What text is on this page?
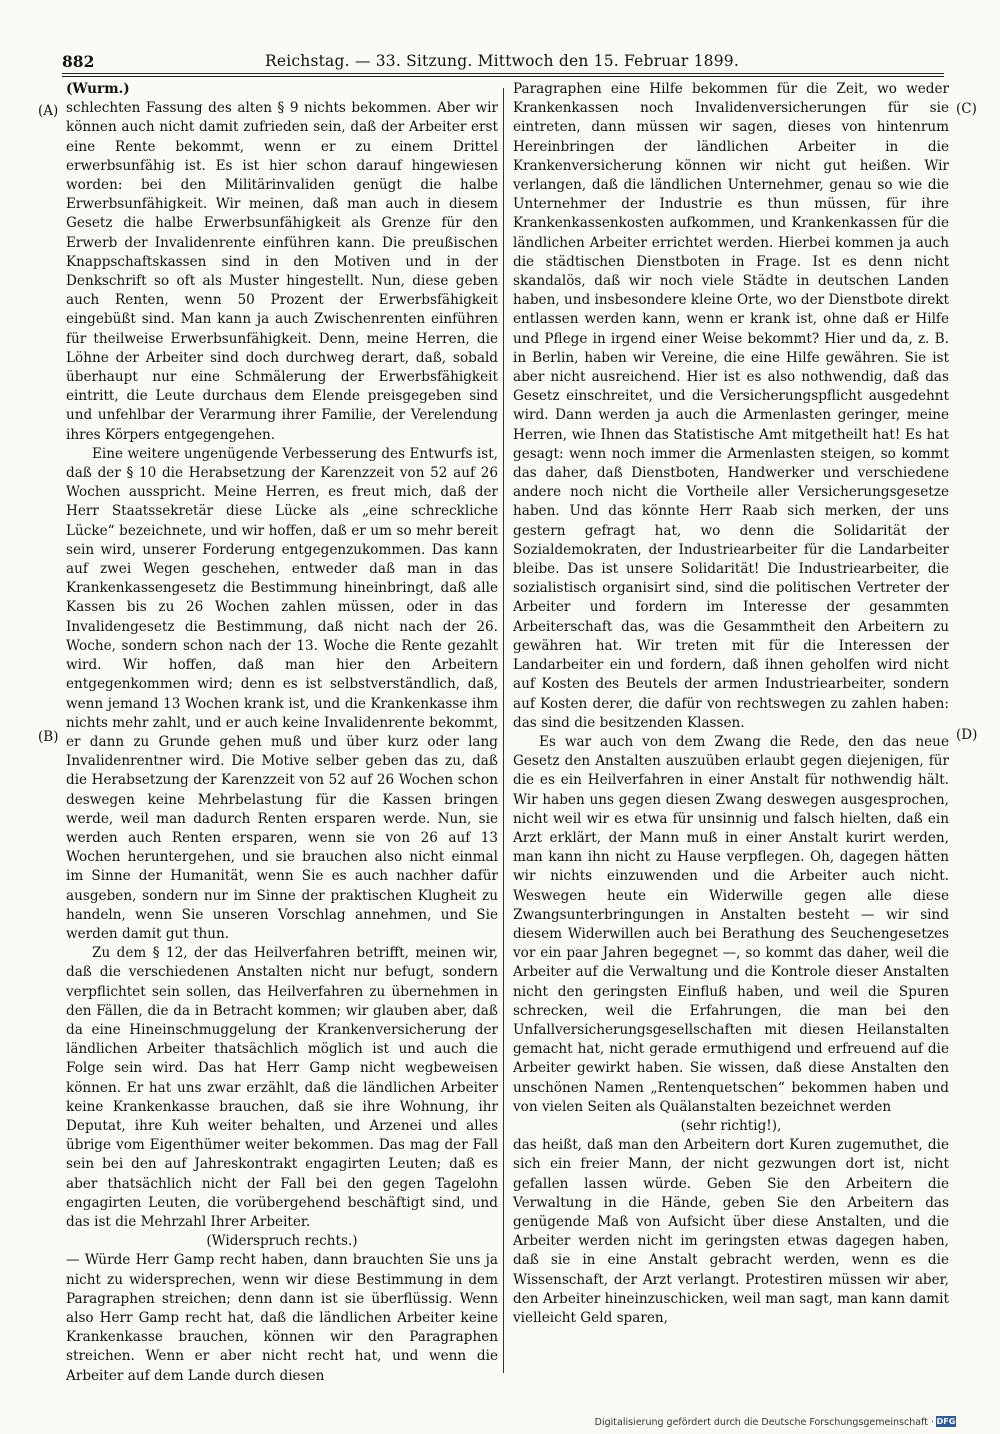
882	Reichstag. — 33. Sitzung. Mittwoch den 15. Februar 1899.
(A)
(B)
(C)
(D)

(Wurm.)

schlechten Fassung des alten § 9 nichts bekommen. Aber wir können auch nicht damit zufrieden sein, daß der Arbeiter erst eine Rente bekommt, wenn er zu einem Drittel erwerbsunfähig ist. Es ist hier schon darauf hingewiesen worden: bei den Militärinvaliden genügt die halbe Erwerbsunfähigkeit. Wir meinen, daß man auch in diesem Gesetz die halbe Erwerbsunfähigkeit als Grenze für den Erwerb der Invalidenrente einführen kann. Die preußischen Knappschaftskassen sind in den Motiven und in der Denkschrift so oft als Muster hingestellt. Nun, diese geben auch Renten, wenn 50 Prozent der Erwerbsfähigkeit eingebüßt sind. Man kann ja auch Zwischenrenten einführen für theilweise Erwerbsunfähigkeit. Denn, meine Herren, die Löhne der Arbeiter sind doch durchweg derart, daß, sobald überhaupt nur eine Schmälerung der Erwerbsfähigkeit eintritt, die Leute durchaus dem Elende preisgegeben sind und unfehlbar der Verarmung ihrer Familie, der Verelendung ihres Körpers entgegengehen.

Eine weitere ungenügende Verbesserung des Entwurfs ist, daß der § 10 die Herabsetzung der Karenzzeit von 52 auf 26 Wochen ausspricht. Meine Herren, es freut mich, daß der Herr Staatssekretär diese Lücke als „eine schreckliche Lücke“ bezeichnete, und wir hoffen, daß er um so mehr bereit sein wird, unserer Forderung entgegenzukommen. Das kann auf zwei Wegen geschehen, entweder daß man in das Krankenkassengesetz die Bestimmung hineinbringt, daß alle Kassen bis zu 26 Wochen zahlen müssen, oder in das Invalidengesetz die Bestimmung, daß nicht nach der 26. Woche, sondern schon nach der 13. Woche die Rente gezahlt wird. Wir hoffen, daß man hier den Arbeitern entgegenkommen wird; denn es ist selbstverständlich, daß, wenn jemand 13 Wochen krank ist, und die Krankenkasse ihm nichts mehr zahlt, und er auch keine Invalidenrente bekommt, er dann zu Grunde gehen muß und über kurz oder lang Invalidenrentner wird. Die Motive selber geben das zu, daß die Herabsetzung der Karenzzeit von 52 auf 26 Wochen schon deswegen keine Mehrbelastung für die Kassen bringen werde, weil man dadurch Renten ersparen werde. Nun, sie werden auch Renten ersparen, wenn sie von 26 auf 13 Wochen heruntergehen, und sie brauchen also nicht einmal im Sinne der Humanität, wenn Sie es auch nachher dafür ausgeben, sondern nur im Sinne der praktischen Klugheit zu handeln, wenn Sie unseren Vorschlag annehmen, und Sie werden damit gut thun.

Zu dem § 12, der das Heilverfahren betrifft, meinen wir, daß die verschiedenen Anstalten nicht nur befugt, sondern verpflichtet sein sollen, das Heilverfahren zu übernehmen in den Fällen, die da in Betracht kommen; wir glauben aber, daß da eine Hineinschmuggelung der Krankenversicherung der ländlichen Arbeiter thatsächlich möglich ist und auch die Folge sein wird. Das hat Herr Gamp nicht wegbeweisen können. Er hat uns zwar erzählt, daß die ländlichen Arbeiter keine Krankenkasse brauchen, daß sie ihre Wohnung, ihr Deputat, ihre Kuh weiter behalten, und Arzenei und alles übrige vom Eigenthümer weiter bekommen. Das mag der Fall sein bei den auf Jahreskontrakt engagirten Leuten; daß es aber thatsächlich nicht der Fall bei den gegen Tagelohn engagirten Leuten, die vorübergehend beschäftigt sind, und das ist die Mehrzahl Ihrer Arbeiter.

(Widerspruch rechts.)

— Würde Herr Gamp recht haben, dann brauchten Sie uns ja nicht zu widersprechen, wenn wir diese Bestimmung in dem Paragraphen streichen; denn dann ist sie überflüssig. Wenn also Herr Gamp recht hat, daß die ländlichen Arbeiter keine Krankenkasse brauchen, können wir den Paragraphen streichen. Wenn er aber nicht recht hat, und wenn die Arbeiter auf dem Lande durch diesen

Paragraphen eine Hilfe bekommen für die Zeit, wo weder Krankenkassen noch Invalidenversicherungen für sie eintreten, dann müssen wir sagen, dieses von hintenrum Hereinbringen der ländlichen Arbeiter in die Krankenversicherung können wir nicht gut heißen. Wir verlangen, daß die ländlichen Unternehmer, genau so wie die Unternehmer der Industrie es thun müssen, für ihre Krankenkassenkosten aufkommen, und Krankenkassen für die ländlichen Arbeiter errichtet werden. Hierbei kommen ja auch die städtischen Dienstboten in Frage. Ist es denn nicht skandalös, daß wir noch viele Städte in deutschen Landen haben, und insbesondere kleine Orte, wo der Dienstbote direkt entlassen werden kann, wenn er krank ist, ohne daß er Hilfe und Pflege in irgend einer Weise bekommt? Hier und da, z. B. in Berlin, haben wir Vereine, die eine Hilfe gewähren. Sie ist aber nicht ausreichend. Hier ist es also nothwendig, daß das Gesetz einschreitet, und die Versicherungspflicht ausgedehnt wird. Dann werden ja auch die Armenlasten geringer, meine Herren, wie Ihnen das Statistische Amt mitgetheilt hat! Es hat gesagt: wenn noch immer die Armenlasten steigen, so kommt das daher, daß Dienstboten, Handwerker und verschiedene andere noch nicht die Vortheile aller Versicherungsgesetze haben. Und das könnte Herr Raab sich merken, der uns gestern gefragt hat, wo denn die Solidarität der Sozialdemokraten, der Industriearbeiter für die Landarbeiter bleibe. Das ist unsere Solidarität! Die Industriearbeiter, die sozialistisch organisirt sind, sind die politischen Vertreter der Arbeiter und fordern im Interesse der gesammten Arbeiterschaft das, was die Gesammtheit den Arbeitern zu gewähren hat. Wir treten mit für die Interessen der Landarbeiter ein und fordern, daß ihnen geholfen wird nicht auf Kosten des Beutels der armen Industriearbeiter, sondern auf Kosten derer, die dafür von rechtswegen zu zahlen haben: das sind die besitzenden Klassen.

Es war auch von dem Zwang die Rede, den das neue Gesetz den Anstalten auszuüben erlaubt gegen diejenigen, für die es ein Heilverfahren in einer Anstalt für nothwendig hält. Wir haben uns gegen diesen Zwang deswegen ausgesprochen, nicht weil wir es etwa für unsinnig und falsch hielten, daß ein Arzt erklärt, der Mann muß in einer Anstalt kurirt werden, man kann ihn nicht zu Hause verpflegen. Oh, dagegen hätten wir nichts einzuwenden und die Arbeiter auch nicht. Weswegen heute ein Widerwille gegen alle diese Zwangsunterbringungen in Anstalten besteht — wir sind diesem Widerwillen auch bei Berathung des Seuchengesetzes vor ein paar Jahren begegnet —, so kommt das daher, weil die Arbeiter auf die Verwaltung und die Kontrole dieser Anstalten nicht den geringsten Einfluß haben, und weil die Spuren schrecken, weil die Erfahrungen, die man bei den Unfallversicherungsgesellschaften mit diesen Heilanstalten gemacht hat, nicht gerade ermuthigend und erfreuend auf die Arbeiter gewirkt haben. Sie wissen, daß diese Anstalten den unschönen Namen „Rentenquetschen“ bekommen haben und von vielen Seiten als Quälanstalten bezeichnet werden

(sehr richtig!),

das heißt, daß man den Arbeitern dort Kuren zugemuthet, die sich ein freier Mann, der nicht gezwungen dort ist, nicht gefallen lassen würde. Geben Sie den Arbeitern die Verwaltung in die Hände, geben Sie den Arbeitern das genügende Maß von Aufsicht über diese Anstalten, und die Arbeiter werden nicht im geringsten etwas dagegen haben, daß sie in eine Anstalt gebracht werden, wenn es die Wissenschaft, der Arzt verlangt. Protestiren müssen wir aber, den Arbeiter hineinzuschicken, weil man sagt, man kann damit vielleicht Geld sparen,

Digitalisierung gefördert durch die Deutsche Forschungsgemeinschaft · DFG
